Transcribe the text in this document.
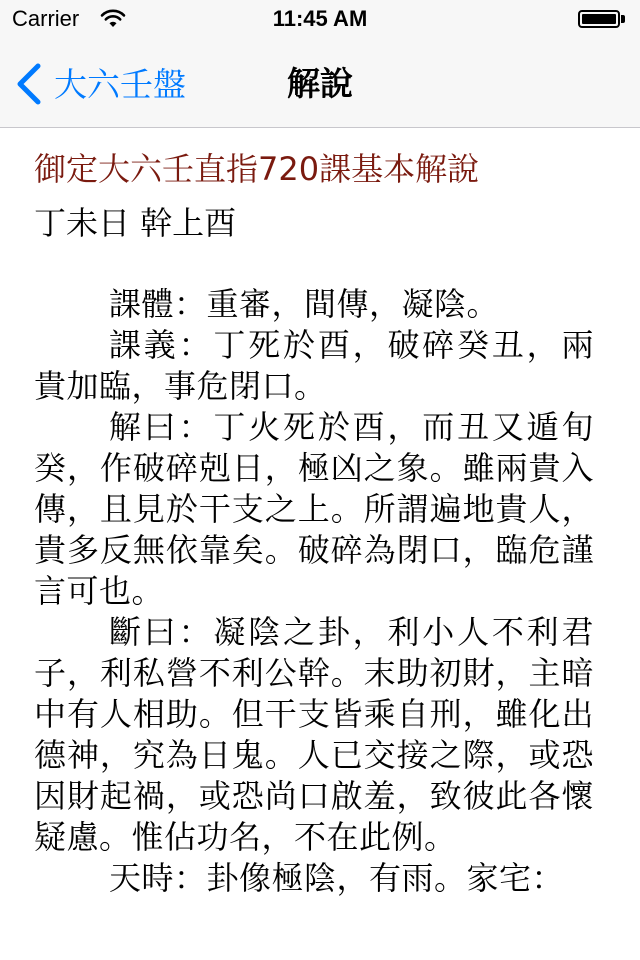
Carrier	11:45 AM
大六壬盤	解說
御定大六壬直指720課基本解說
丁未日 幹上酉

課體：重審，間傳，凝陰。

課義：丁死於酉，破碎癸丑，兩貴加臨，事危閉口。

解曰：丁火死於酉，而丑又遁旬癸，作破碎剋日，極凶之象。雖兩貴入傳，且見於干支之上。所謂遍地貴人，貴多反無依靠矣。破碎為閉口，臨危謹言可也。

斷曰：凝陰之卦，利小人不利君子，利私營不利公幹。末助初財，主暗中有人相助。但干支皆乘自刑，雖化出德神，究為日鬼。人已交接之際，或恐因財起禍，或恐尚口啟羞，致彼此各懷疑慮。惟佔功名，不在此例。

天時：卦像極陰，有雨。家宅：
